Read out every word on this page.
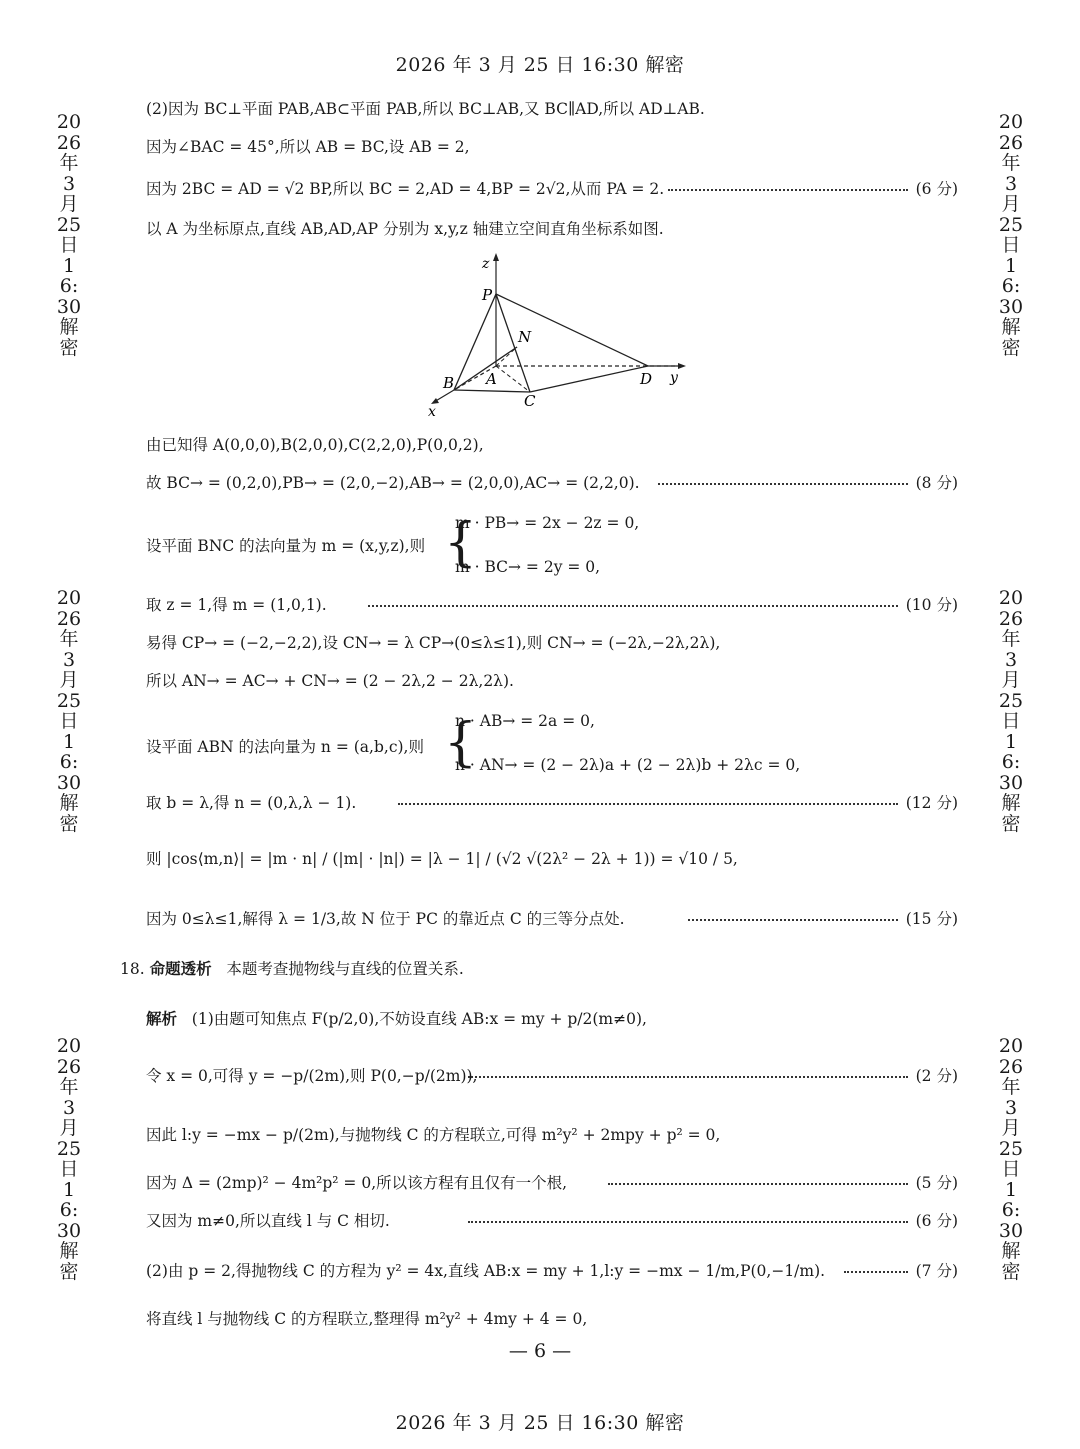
2026 年 3 月 25 日 16:30 解密
2026 年 3 月 25 日 16:30 解密
2026年3月25日16:30解密
2026年3月25日16:30解密
2026年3月25日16:30解密
2026年3月25日16:30解密
2026年3月25日16:30解密
2026年3月25日16:30解密
(2)因为 BC⊥平面 PAB,AB⊂平面 PAB,所以 BC⊥AB,又 BC∥AD,所以 AD⊥AB.
因为∠BAC = 45°,所以 AB = BC,设 AB = 2,
因为 2BC = AD = √2 BP,所以 BC = 2,AD = 4,BP = 2√2,从而 PA = 2.	(6 分)
以 A 为坐标原点,直线 AB,AD,AP 分别为 x,y,z 轴建立空间直角坐标系如图.
z
P
N
B A
C
D y
x
由已知得 A(0,0,0),B(2,0,0),C(2,2,0),P(0,0,2),
故 BC→ = (0,2,0),PB→ = (2,0,−2),AB→ = (2,0,0),AC→ = (2,2,0).	(8 分)
设平面 BNC 的法向量为 m = (x,y,z),则 {
m · PB→ = 2x − 2z = 0,
m · BC→ = 2y = 0,
取 z = 1,得 m = (1,0,1).	(10 分)
易得 CP→ = (−2,−2,2),设 CN→ = λ CP→(0≤λ≤1),则 CN→ = (−2λ,−2λ,2λ),
所以 AN→ = AC→ + CN→ = (2 − 2λ,2 − 2λ,2λ).
设平面 ABN 的法向量为 n = (a,b,c),则 {
n · AB→ = 2a = 0,
n · AN→ = (2 − 2λ)a + (2 − 2λ)b + 2λc = 0,
取 b = λ,得 n = (0,λ,λ − 1).	(12 分)
则 |cos⟨m,n⟩| = |m · n| / (|m| · |n|) = |λ − 1| / (√2 √(2λ² − 2λ + 1)) = √10 / 5,
因为 0≤λ≤1,解得 λ = 1/3,故 N 位于 PC 的靠近点 C 的三等分点处.	(15 分)
18. 命题透析 本题考查抛物线与直线的位置关系.
解析 (1)由题可知焦点 F(p/2,0),不妨设直线 AB:x = my + p/2(m≠0),
令 x = 0,可得 y = −p/(2m),则 P(0,−p/(2m)),	(2 分)
因此 l:y = −mx − p/(2m),与抛物线 C 的方程联立,可得 m²y² + 2mpy + p² = 0,
因为 Δ = (2mp)² − 4m²p² = 0,所以该方程有且仅有一个根,	(5 分)
又因为 m≠0,所以直线 l 与 C 相切.	(6 分)
(2)由 p = 2,得抛物线 C 的方程为 y² = 4x,直线 AB:x = my + 1,l:y = −mx − 1/m,P(0,−1/m).	(7 分)
将直线 l 与抛物线 C 的方程联立,整理得 m²y² + 4my + 4 = 0,
— 6 —
